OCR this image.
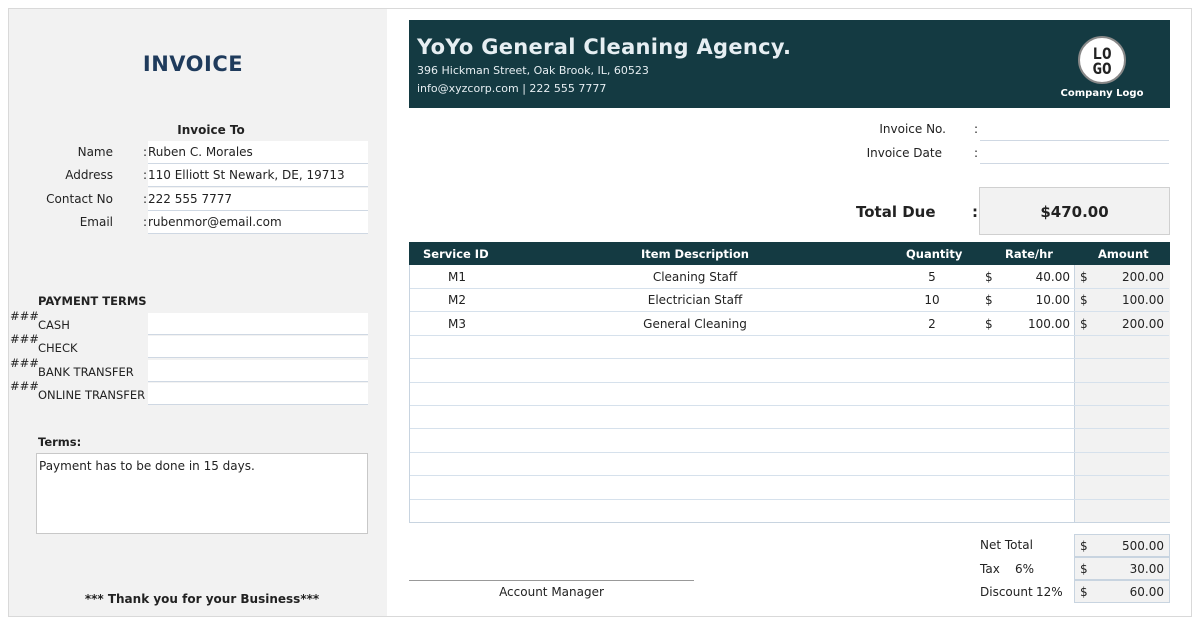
INVOICE
Invoice To
Name	: Ruben C. Morales
Address	: 110 Elliott St Newark, DE, 19713
Contact No	: 222 555 7777
Email	: rubenmor@email.com
PAYMENT TERMS
###
CASH
###
CHECK
###
BANK TRANSFER
###
ONLINE TRANSFER
Terms:
Payment has to be done in 15 days.
*** Thank you for your Business***
YoYo General Cleaning Agency.
396 Hickman Street, Oak Brook, IL, 60523
info@xyzcorp.com | 222 555 7777
LO
GO
Company Logo
Invoice No. :
Invoice Date	:
Total Due :	$470.00
Service ID	Item Description	Quantity	Rate/hr	Amount
M1	Cleaning Staff	5	$	40.00 $	200.00
M2	Electrician Staff	10	$	10.00 $	100.00
M3	General Cleaning	2	$	100.00 $	200.00
Account Manager
Net Total	$	500.00
Tax 6%	$	30.00
Discount 12% $	60.00
